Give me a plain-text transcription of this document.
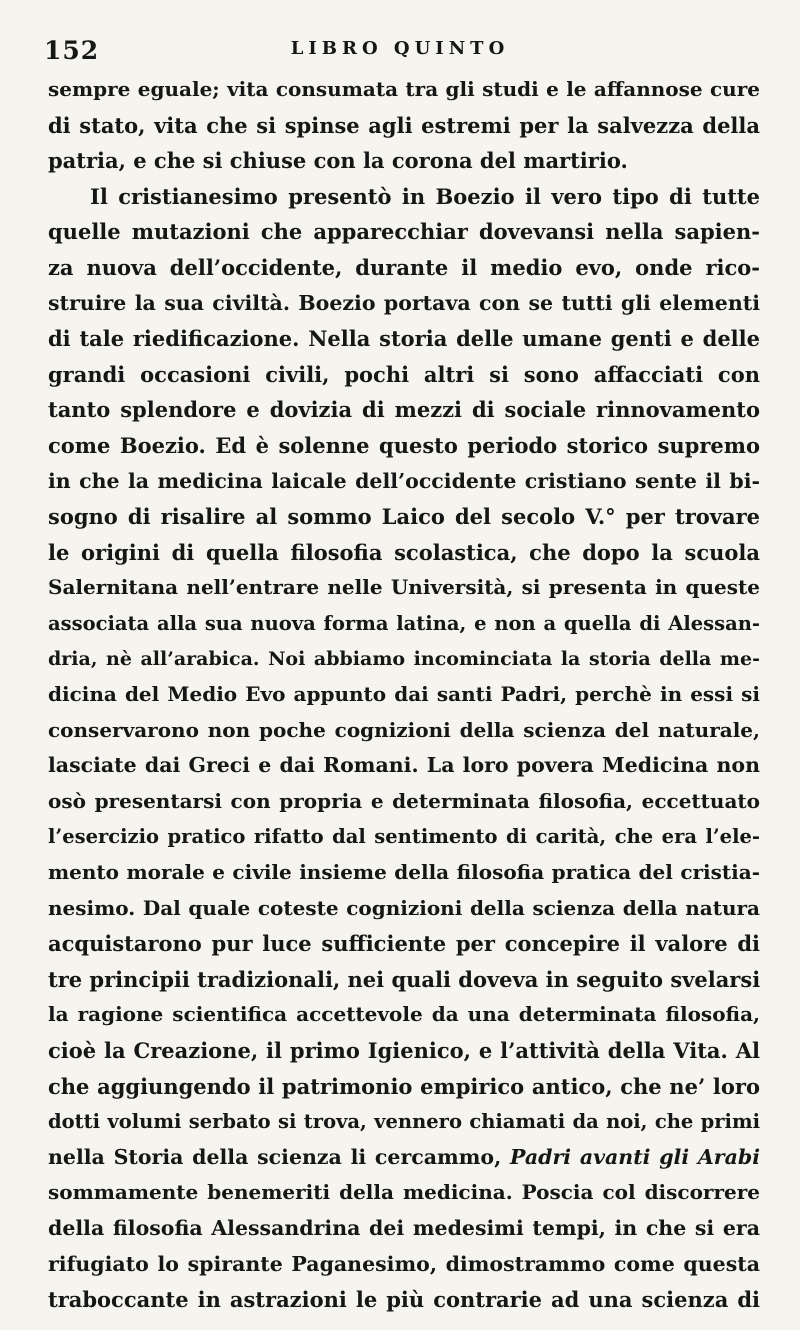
152	LIBRO QUINTO
sempre eguale; vita consumata tra gli studi e le affannose cure
di stato, vita che si spinse agli estremi per la salvezza della
patria, e che si chiuse con la corona del martirio.
Il cristianesimo presentò in Boezio il vero tipo di tutte
quelle mutazioni che apparecchiar dovevansi nella sapien-
za nuova dell’occidente, durante il medio evo, onde rico-
struire la sua civiltà. Boezio portava con se tutti gli elementi
di tale riedificazione. Nella storia delle umane genti e delle
grandi occasioni civili, pochi altri si sono affacciati con
tanto splendore e dovizia di mezzi di sociale rinnovamento
come Boezio. Ed è solenne questo periodo storico supremo
in che la medicina laicale dell’occidente cristiano sente il bi-
sogno di risalire al sommo Laico del secolo V.° per trovare
le origini di quella filosofia scolastica, che dopo la scuola
Salernitana nell’entrare nelle Università, si presenta in queste
associata alla sua nuova forma latina, e non a quella di Alessan-
dria, nè all’arabica. Noi abbiamo incominciata la storia della me-
dicina del Medio Evo appunto dai santi Padri, perchè in essi si
conservarono non poche cognizioni della scienza del naturale,
lasciate dai Greci e dai Romani. La loro povera Medicina non
osò presentarsi con propria e determinata filosofia, eccettuato
l’esercizio pratico rifatto dal sentimento di carità, che era l’ele-
mento morale e civile insieme della filosofia pratica del cristia-
nesimo. Dal quale coteste cognizioni della scienza della natura
acquistarono pur luce sufficiente per concepire il valore di
tre principii tradizionali, nei quali doveva in seguito svelarsi
la ragione scientifica accettevole da una determinata filosofia,
cioè la Creazione, il primo Igienico, e l’attività della Vita. Al
che aggiungendo il patrimonio empirico antico, che ne’ loro
dotti volumi serbato si trova, vennero chiamati da noi, che primi
nella Storia della scienza li cercammo, Padri avanti gli Arabi
sommamente benemeriti della medicina. Poscia col discorrere
della filosofia Alessandrina dei medesimi tempi, in che si era
rifugiato lo spirante Paganesimo, dimostrammo come questa
traboccante in astrazioni le più contrarie ad una scienza di
